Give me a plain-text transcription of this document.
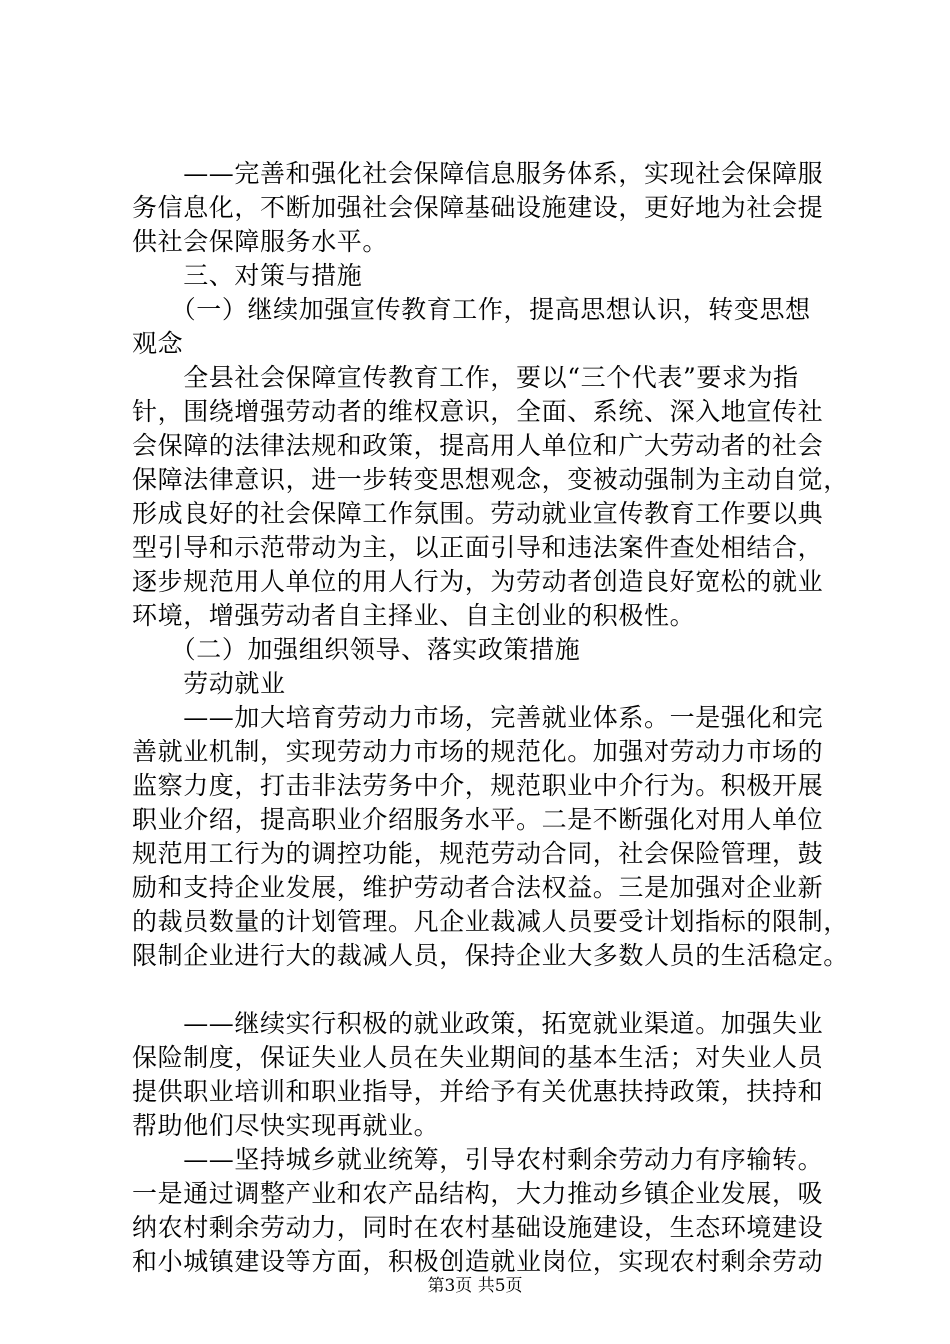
　　——完善和强化社会保障信息服务体系，实现社会保障服
务信息化，不断加强社会保障基础设施建设，更好地为社会提
供社会保障服务水平。
　　三、对策与措施
　　（一）继续加强宣传教育工作，提高思想认识，转变思想
观念
　　全县社会保障宣传教育工作，要以“三个代表”要求为指
针，围绕增强劳动者的维权意识，全面、系统、深入地宣传社
会保障的法律法规和政策，提高用人单位和广大劳动者的社会
保障法律意识，进一步转变思想观念，变被动强制为主动自觉，
形成良好的社会保障工作氛围。劳动就业宣传教育工作要以典
型引导和示范带动为主，以正面引导和违法案件查处相结合，
逐步规范用人单位的用人行为，为劳动者创造良好宽松的就业
环境，增强劳动者自主择业、自主创业的积极性。
　　（二）加强组织领导、落实政策措施
　　劳动就业
　　——加大培育劳动力市场，完善就业体系。一是强化和完
善就业机制，实现劳动力市场的规范化。加强对劳动力市场的
监察力度，打击非法劳务中介，规范职业中介行为。积极开展
职业介绍，提高职业介绍服务水平。二是不断强化对用人单位
规范用工行为的调控功能，规范劳动合同，社会保险管理，鼓
励和支持企业发展，维护劳动者合法权益。三是加强对企业新
的裁员数量的计划管理。凡企业裁减人员要受计划指标的限制，
限制企业进行大的裁减人员，保持企业大多数人员的生活稳定。
　　——继续实行积极的就业政策，拓宽就业渠道。加强失业
保险制度，保证失业人员在失业期间的基本生活；对失业人员
提供职业培训和职业指导，并给予有关优惠扶持政策，扶持和
帮助他们尽快实现再就业。
　　——坚持城乡就业统筹，引导农村剩余劳动力有序输转。
一是通过调整产业和农产品结构，大力推动乡镇企业发展，吸
纳农村剩余劳动力，同时在农村基础设施建设，生态环境建设
和小城镇建设等方面，积极创造就业岗位，实现农村剩余劳动
第3页 共5页
